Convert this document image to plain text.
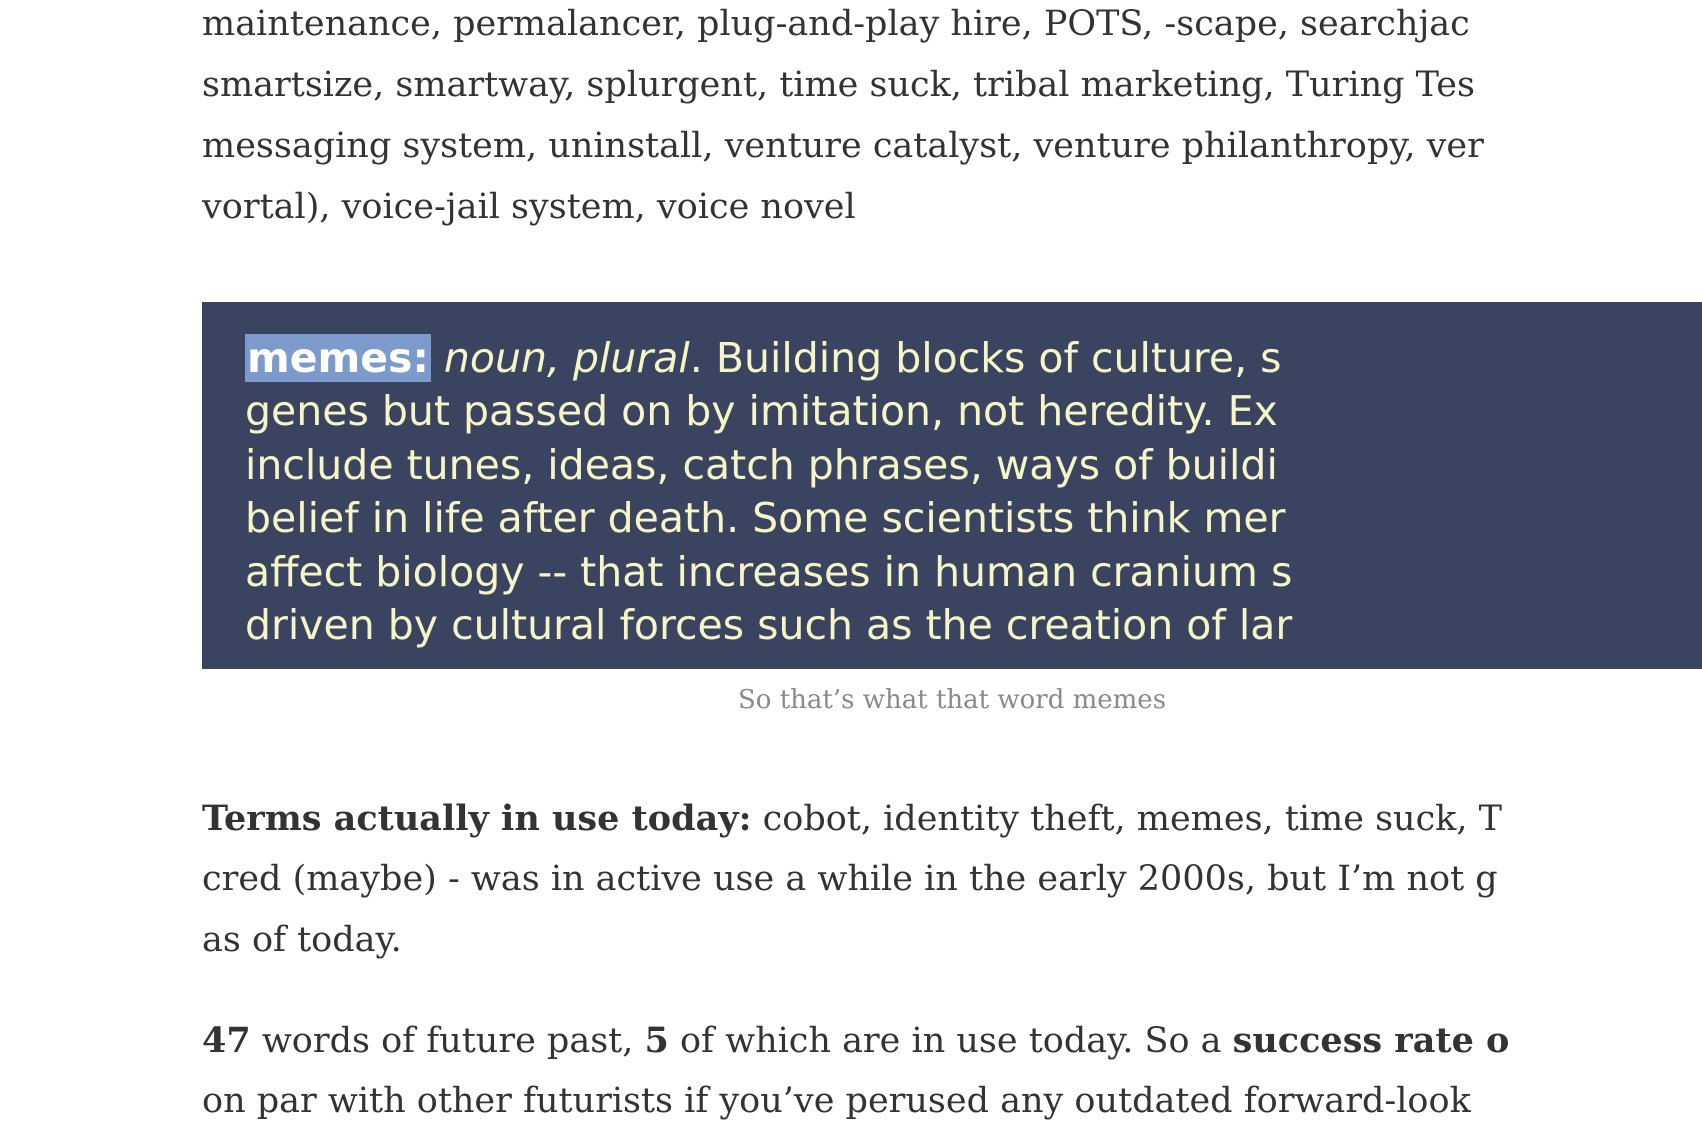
maintenance, permalancer, plug-and-play hire, POTS, -scape, searchjac
smartsize, smartway, splurgent, time suck, tribal marketing, Turing Tes
messaging system, uninstall, venture catalyst, venture philanthropy, ver
vortal), voice-jail system, voice novel

memes: noun, plural. Building blocks of culture, s
genes but passed on by imitation, not heredity. Ex
include tunes, ideas, catch phrases, ways of buildi
belief in life after death. Some scientists think mer
affect biology -- that increases in human cranium s
driven by cultural forces such as the creation of lar
So that’s what that word memes

Terms actually in use today: cobot, identity theft, memes, time suck, T
cred (maybe) - was in active use a while in the early 2000s, but I’m not g
as of today.

47 words of future past, 5 of which are in use today. So a success rate o
on par with other futurists if you’ve perused any outdated forward-look
